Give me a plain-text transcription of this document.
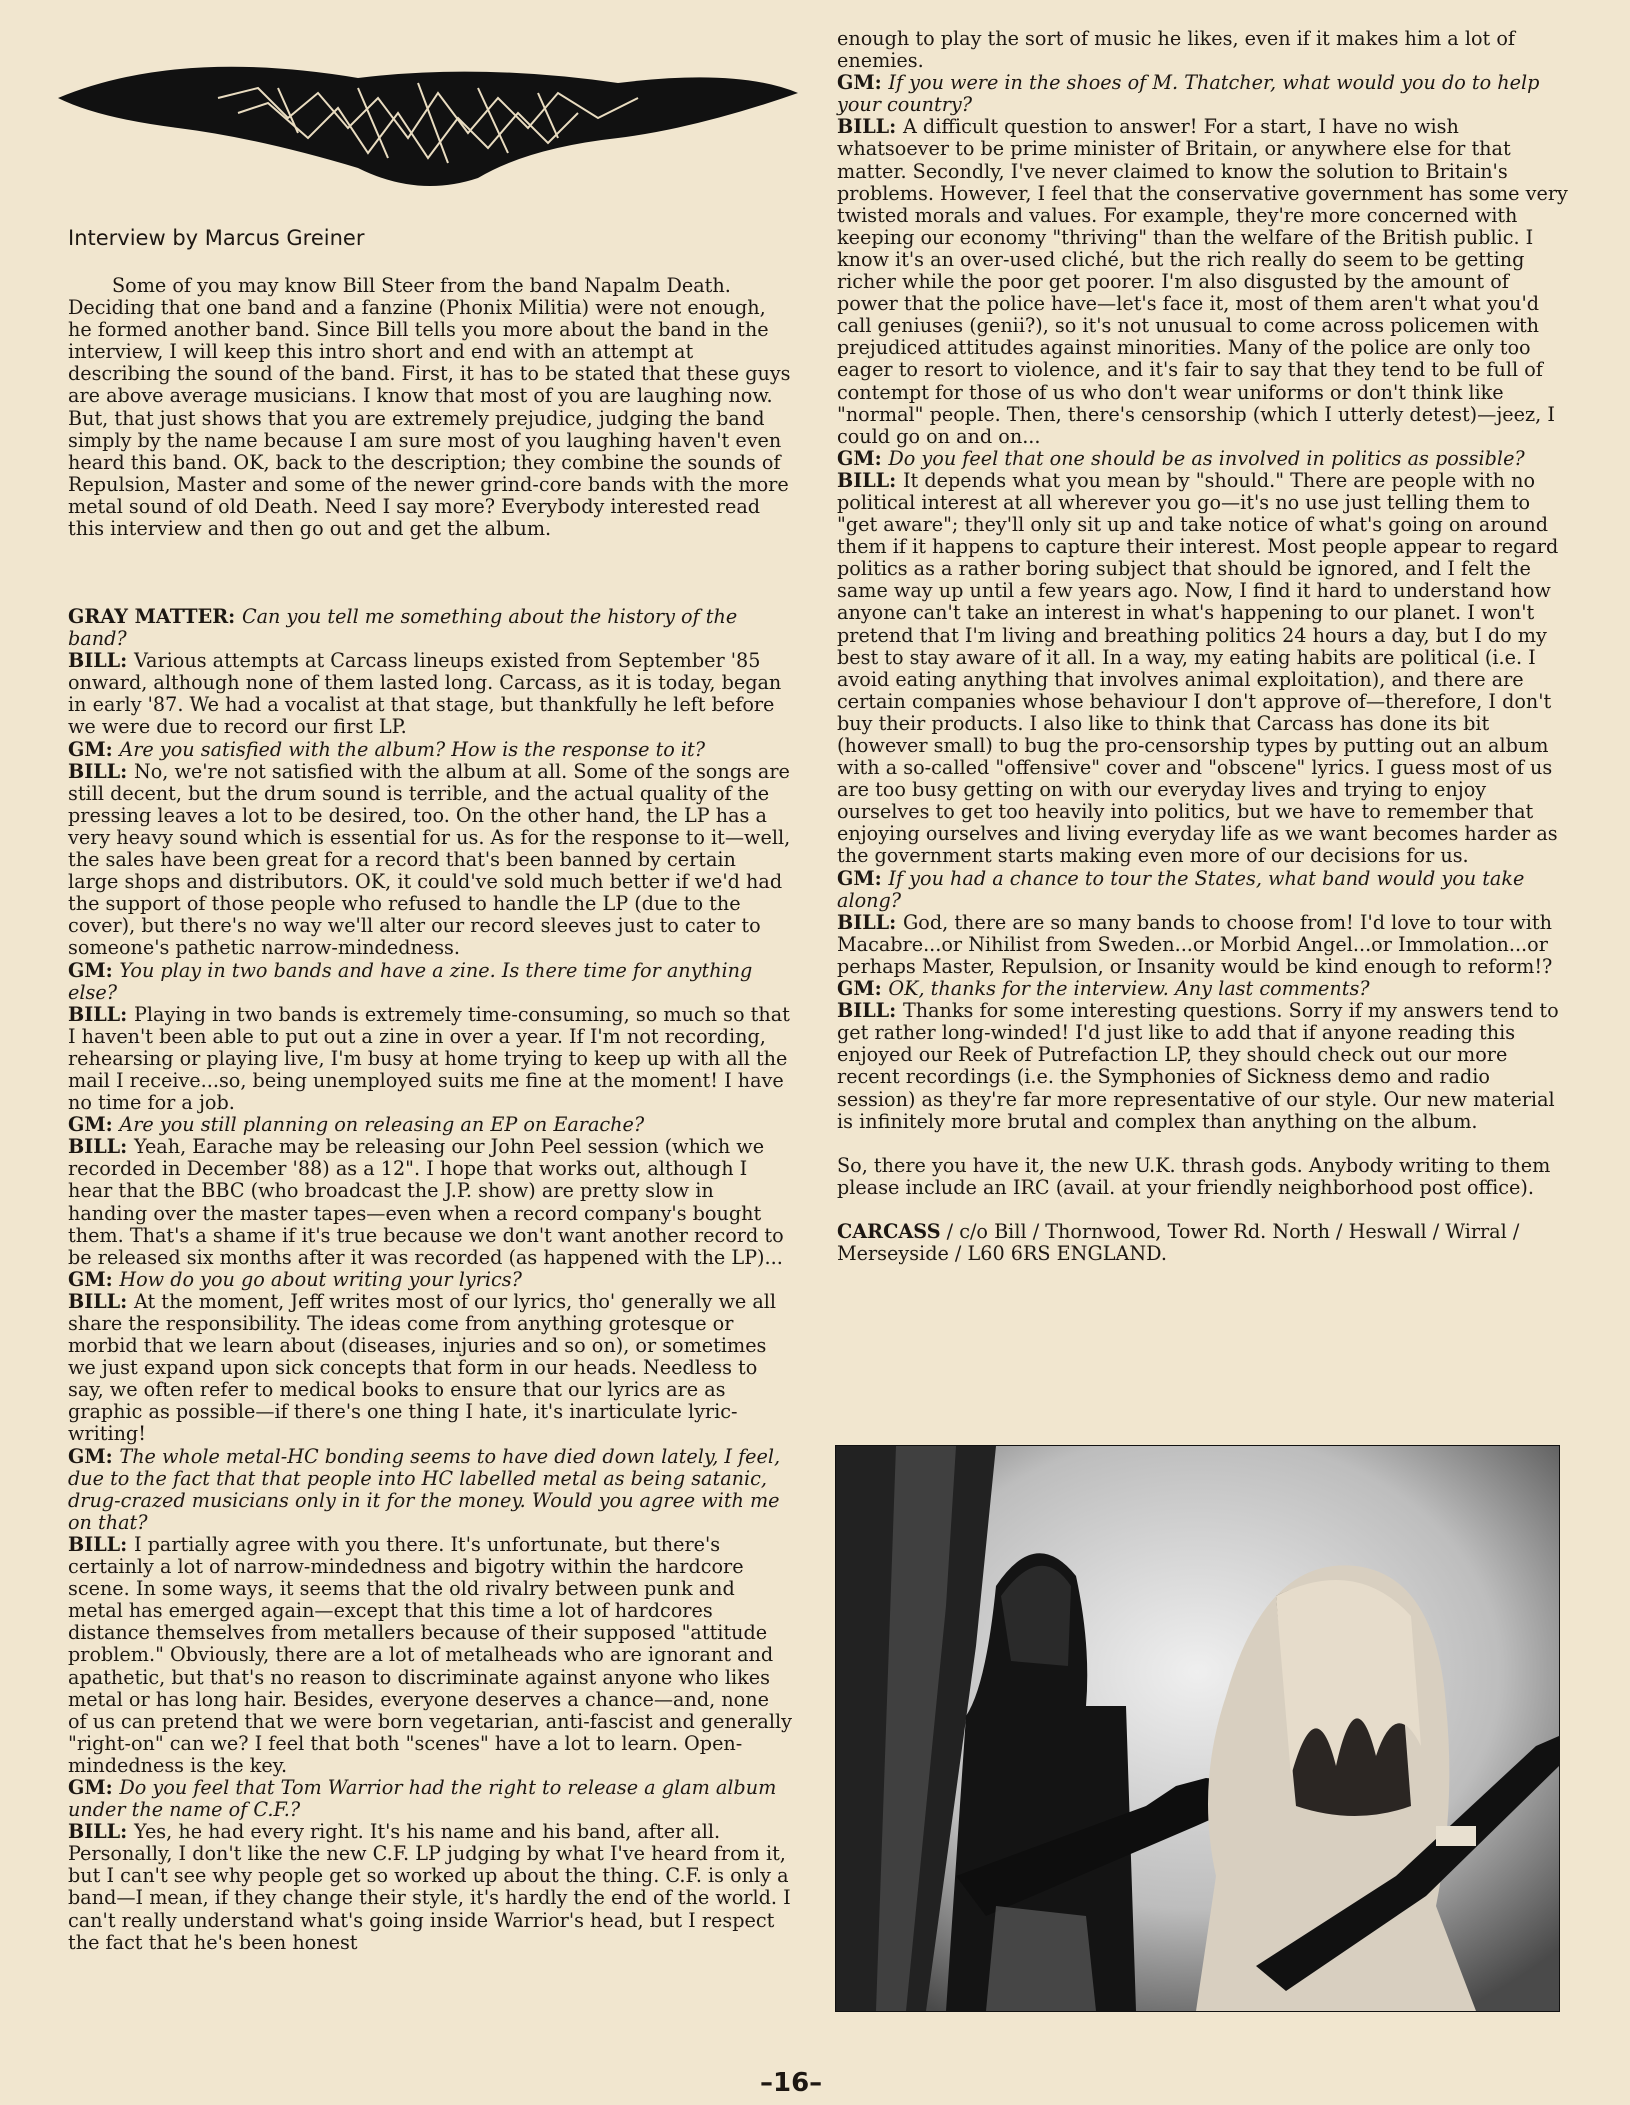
Interview by Marcus Greiner

Some of you may know Bill Steer from the band Napalm Death. Deciding that one band and a fanzine (Phonix Militia) were not enough, he formed another band. Since Bill tells you more about the band in the interview, I will keep this intro short and end with an attempt at describing the sound of the band. First, it has to be stated that these guys are above average musicians. I know that most of you are laughing now. But, that just shows that you are extremely prejudice, judging the band simply by the name because I am sure most of you laughing haven't even heard this band. OK, back to the description; they combine the sounds of Repulsion, Master and some of the newer grind-core bands with the more metal sound of old Death. Need I say more? Everybody interested read this interview and then go out and get the album.

GRAY MATTER: Can you tell me something about the history of the band?

BILL: Various attempts at Carcass lineups existed from September '85 onward, although none of them lasted long. Carcass, as it is today, began in early '87. We had a vocalist at that stage, but thankfully he left before we were due to record our first LP.

GM: Are you satisfied with the album? How is the response to it?

BILL: No, we're not satisfied with the album at all. Some of the songs are still decent, but the drum sound is terrible, and the actual quality of the pressing leaves a lot to be desired, too. On the other hand, the LP has a very heavy sound which is essential for us. As for the response to it—well, the sales have been great for a record that's been banned by certain large shops and distributors. OK, it could've sold much better if we'd had the support of those people who refused to handle the LP (due to the cover), but there's no way we'll alter our record sleeves just to cater to someone's pathetic narrow-mindedness.

GM: You play in two bands and have a zine. Is there time for anything else?

BILL: Playing in two bands is extremely time-consuming, so much so that I haven't been able to put out a zine in over a year. If I'm not recording, rehearsing or playing live, I'm busy at home trying to keep up with all the mail I receive...so, being unemployed suits me fine at the moment! I have no time for a job.

GM: Are you still planning on releasing an EP on Earache?

BILL: Yeah, Earache may be releasing our John Peel session (which we recorded in December '88) as a 12". I hope that works out, although I hear that the BBC (who broadcast the J.P. show) are pretty slow in handing over the master tapes—even when a record company's bought them. That's a shame if it's true because we don't want another record to be released six months after it was recorded (as happened with the LP)...

GM: How do you go about writing your lyrics?

BILL: At the moment, Jeff writes most of our lyrics, tho' generally we all share the responsibility. The ideas come from anything grotesque or morbid that we learn about (diseases, injuries and so on), or sometimes we just expand upon sick concepts that form in our heads. Needless to say, we often refer to medical books to ensure that our lyrics are as graphic as possible—if there's one thing I hate, it's inarticulate lyric-writing!

GM: The whole metal-HC bonding seems to have died down lately, I feel, due to the fact that that people into HC labelled metal as being satanic, drug-crazed musicians only in it for the money. Would you agree with me on that?

BILL: I partially agree with you there. It's unfortunate, but there's certainly a lot of narrow-mindedness and bigotry within the hardcore scene. In some ways, it seems that the old rivalry between punk and metal has emerged again—except that this time a lot of hardcores distance themselves from metallers because of their supposed "attitude problem." Obviously, there are a lot of metalheads who are ignorant and apathetic, but that's no reason to discriminate against anyone who likes metal or has long hair. Besides, everyone deserves a chance—and, none of us can pretend that we were born vegetarian, anti-fascist and generally "right-on" can we? I feel that both "scenes" have a lot to learn. Open-mindedness is the key.

GM: Do you feel that Tom Warrior had the right to release a glam album under the name of C.F.?

BILL: Yes, he had every right. It's his name and his band, after all. Personally, I don't like the new C.F. LP judging by what I've heard from it, but I can't see why people get so worked up about the thing. C.F. is only a band—I mean, if they change their style, it's hardly the end of the world. I can't really understand what's going inside Warrior's head, but I respect the fact that he's been honest

enough to play the sort of music he likes, even if it makes him a lot of enemies.

GM: If you were in the shoes of M. Thatcher, what would you do to help your country?

BILL: A difficult question to answer! For a start, I have no wish whatsoever to be prime minister of Britain, or anywhere else for that matter. Secondly, I've never claimed to know the solution to Britain's problems. However, I feel that the conservative government has some very twisted morals and values. For example, they're more concerned with keeping our economy "thriving" than the welfare of the British public. I know it's an over-used cliché, but the rich really do seem to be getting richer while the poor get poorer. I'm also disgusted by the amount of power that the police have—let's face it, most of them aren't what you'd call geniuses (genii?), so it's not unusual to come across policemen with prejudiced attitudes against minorities. Many of the police are only too eager to resort to violence, and it's fair to say that they tend to be full of contempt for those of us who don't wear uniforms or don't think like "normal" people. Then, there's censorship (which I utterly detest)—jeez, I could go on and on...

GM: Do you feel that one should be as involved in politics as possible?

BILL: It depends what you mean by "should." There are people with no political interest at all wherever you go—it's no use just telling them to "get aware"; they'll only sit up and take notice of what's going on around them if it happens to capture their interest. Most people appear to regard politics as a rather boring subject that should be ignored, and I felt the same way up until a few years ago. Now, I find it hard to understand how anyone can't take an interest in what's happening to our planet. I won't pretend that I'm living and breathing politics 24 hours a day, but I do my best to stay aware of it all. In a way, my eating habits are political (i.e. I avoid eating anything that involves animal exploitation), and there are certain companies whose behaviour I don't approve of—therefore, I don't buy their products. I also like to think that Carcass has done its bit (however small) to bug the pro-censorship types by putting out an album with a so-called "offensive" cover and "obscene" lyrics. I guess most of us are too busy getting on with our everyday lives and trying to enjoy ourselves to get too heavily into politics, but we have to remember that enjoying ourselves and living everyday life as we want becomes harder as the government starts making even more of our decisions for us.

GM: If you had a chance to tour the States, what band would you take along?

BILL: God, there are so many bands to choose from! I'd love to tour with Macabre...or Nihilist from Sweden...or Morbid Angel...or Immolation...or perhaps Master, Repulsion, or Insanity would be kind enough to reform!?

GM: OK, thanks for the interview. Any last comments?

BILL: Thanks for some interesting questions. Sorry if my answers tend to get rather long-winded! I'd just like to add that if anyone reading this enjoyed our Reek of Putrefaction LP, they should check out our more recent recordings (i.e. the Symphonies of Sickness demo and radio session) as they're far more representative of our style. Our new material is infinitely more brutal and complex than anything on the album.

So, there you have it, the new U.K. thrash gods. Anybody writing to them please include an IRC (avail. at your friendly neighborhood post office).

CARCASS / c/o Bill / Thornwood, Tower Rd. North / Heswall / Wirral / Merseyside / L60 6RS ENGLAND.

–16–
